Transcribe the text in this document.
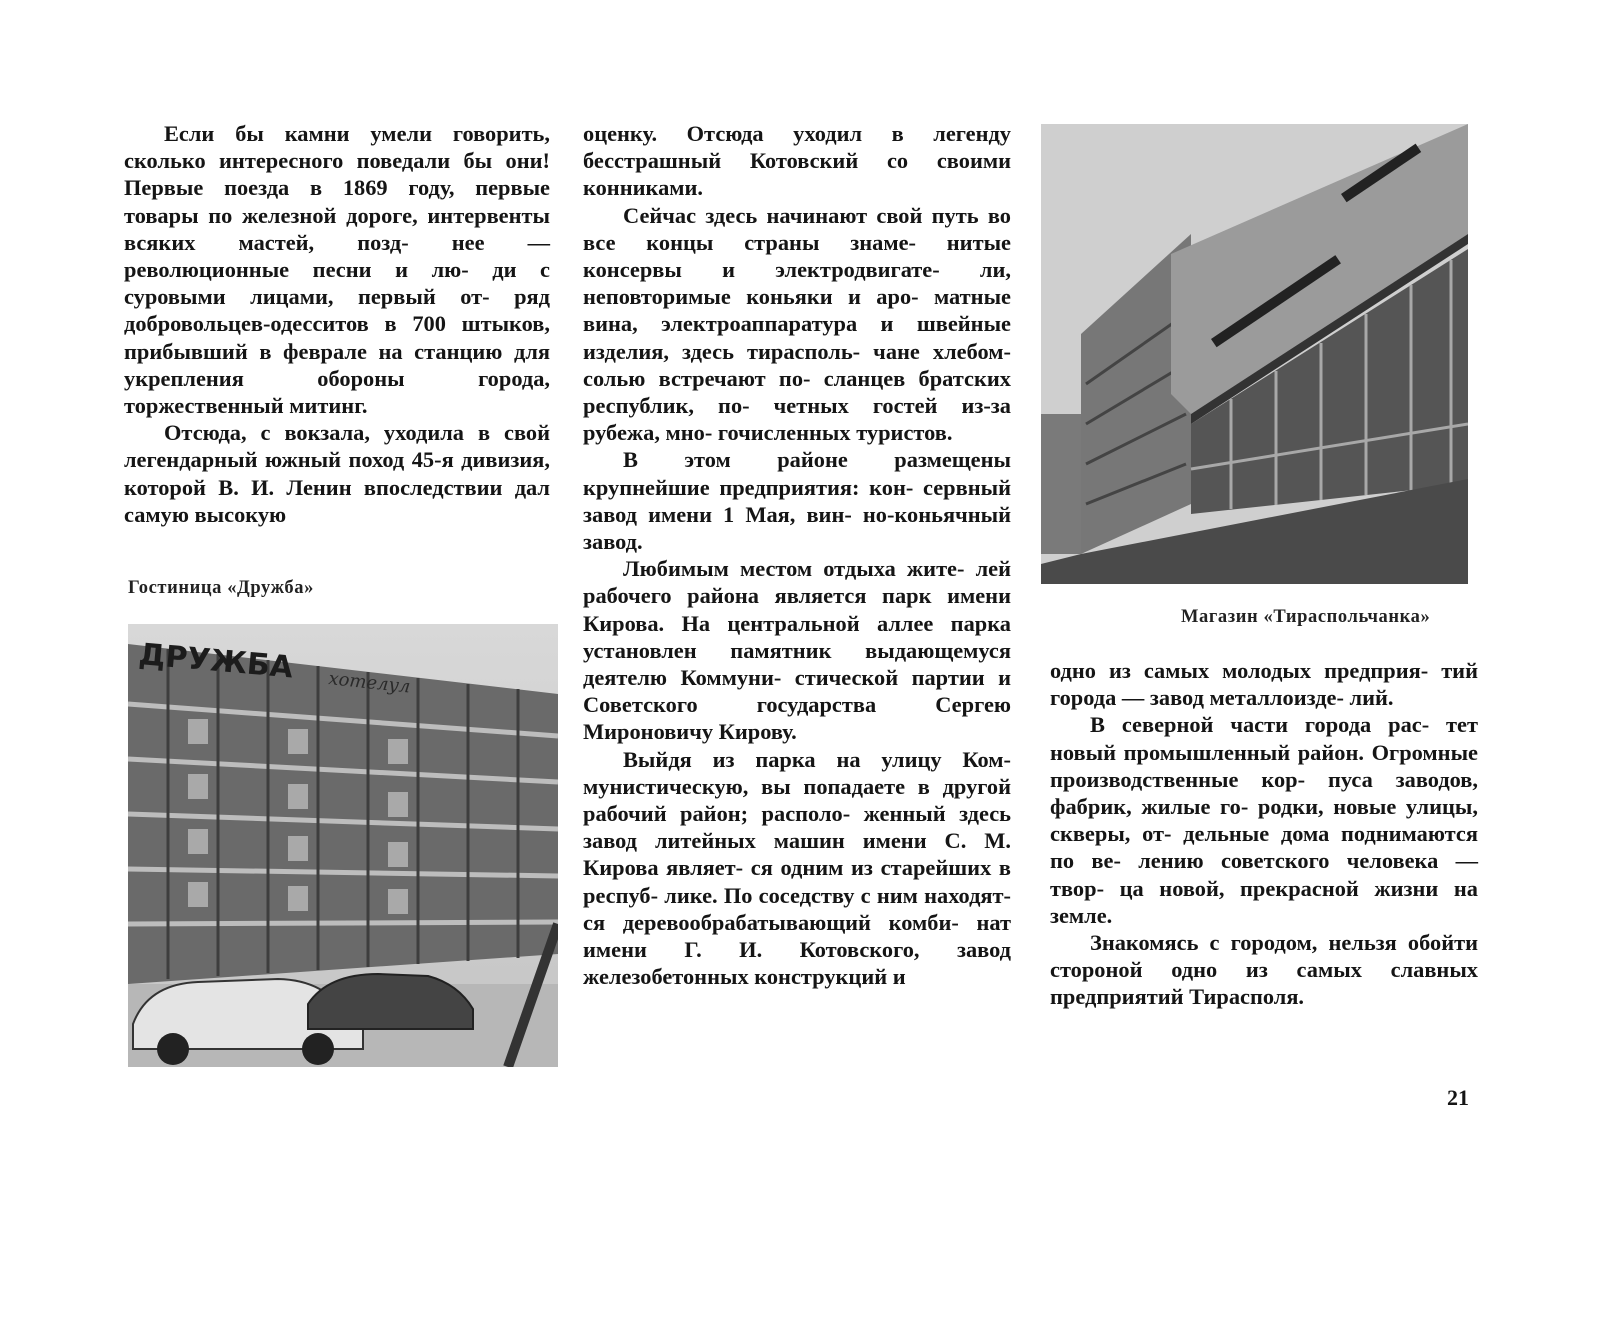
Если бы камни умели говорить, сколько интересного поведали бы они! Первые поезда в 1869 году, первые товары по железной дороге, интервенты всяких мастей, позд- нее — революционные песни и лю- ди с суровыми лицами, первый от- ряд добровольцев-одесситов в 700 штыков, прибывший в феврале на станцию для укрепления обороны города, торжественный митинг.

Отсюда, с вокзала, уходила в свой легендарный южный поход 45-я дивизия, которой В. И. Ленин впоследствии дал самую высокую

Гостиница «Дружба»
ДРУЖБА хотелул

оценку. Отсюда уходил в легенду бесстрашный Котовский со своими конниками.

Сейчас здесь начинают свой путь во все концы страны знаме- нитые консервы и электродвигате- ли, неповторимые коньяки и аро- матные вина, электроаппаратура и швейные изделия, здесь тирасполь- чане хлебом-солью встречают по- сланцев братских республик, по- четных гостей из-за рубежа, мно- гочисленных туристов.

В этом районе размещены крупнейшие предприятия: кон- сервный завод имени 1 Мая, вин- но-коньячный завод.

Любимым местом отдыха жите- лей рабочего района является парк имени Кирова. На центральной аллее парка установлен памятник выдающемуся деятелю Коммуни- стической партии и Советского государства Сергею Мироновичу Кирову.

Выйдя из парка на улицу Ком- мунистическую, вы попадаете в другой рабочий район; располо- женный здесь завод литейных машин имени С. М. Кирова являет- ся одним из старейших в респуб- лике. По соседству с ним находят- ся деревообрабатывающий комби- нат имени Г. И. Котовского, завод железобетонных конструкций и

Магазин «Тираспольчанка»

одно из самых молодых предприя- тий города — завод металлоизде- лий.

В северной части города рас- тет новый промышленный район. Огромные производственные кор- пуса заводов, фабрик, жилые го- родки, новые улицы, скверы, от- дельные дома поднимаются по ве- лению советского человека — твор- ца новой, прекрасной жизни на земле.

Знакомясь с городом, нельзя обойти стороной одно из самых славных предприятий Тирасполя.

21
